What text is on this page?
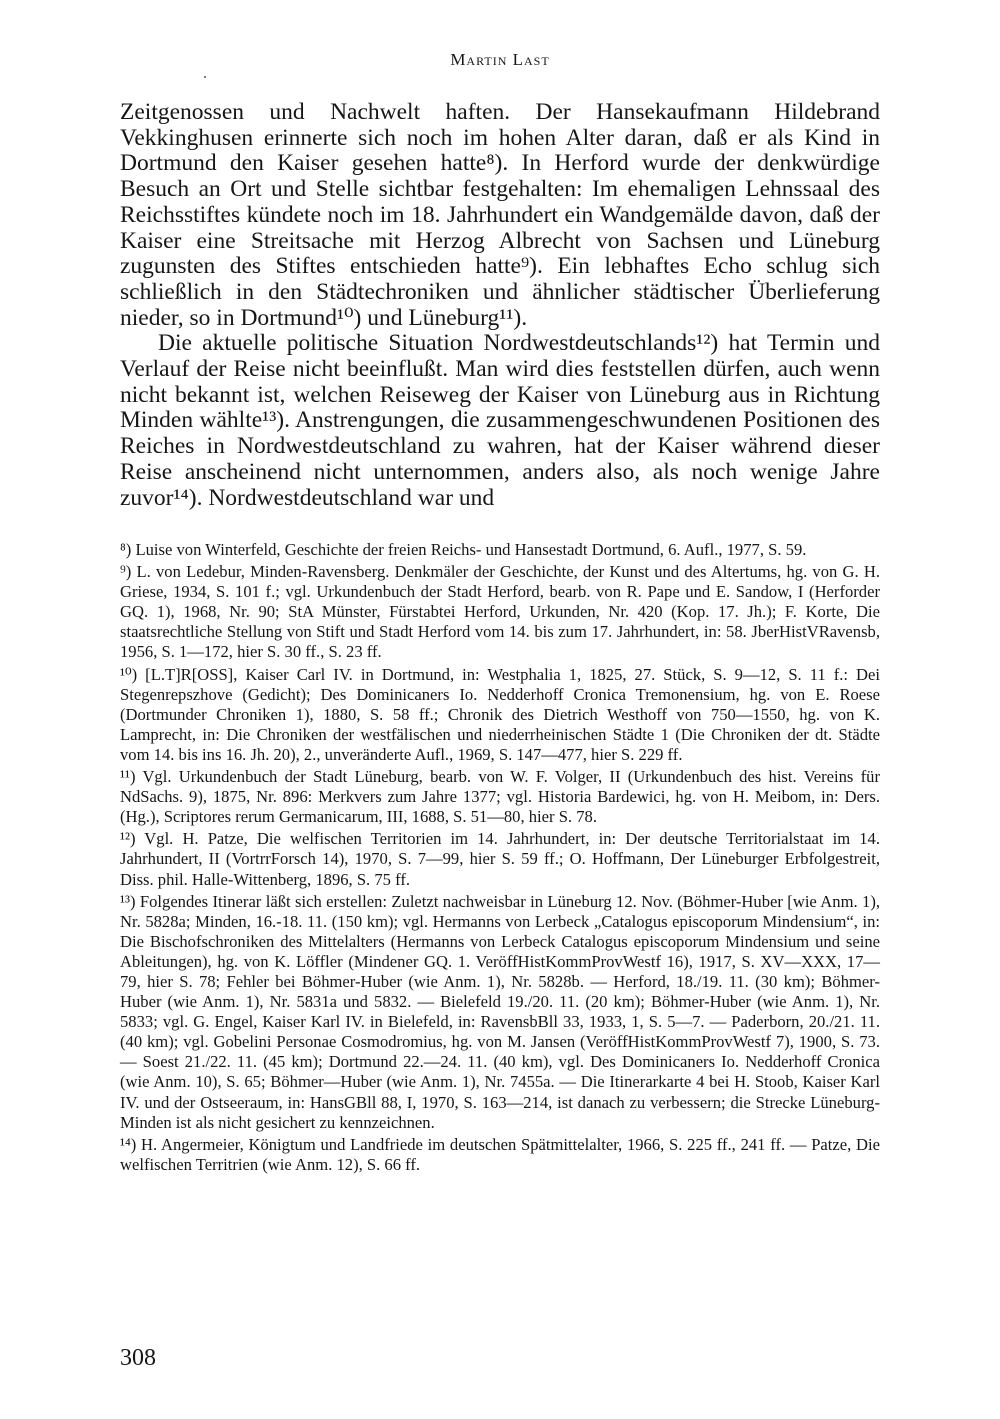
Martin Last

Zeitgenossen und Nachwelt haften. Der Hansekaufmann Hildebrand Vekkinghusen erinnerte sich noch im hohen Alter daran, daß er als Kind in Dortmund den Kaiser gesehen hatte⁸). In Herford wurde der denkwürdige Besuch an Ort und Stelle sichtbar festgehalten: Im ehemaligen Lehnssaal des Reichsstiftes kündete noch im 18. Jahrhundert ein Wandgemälde davon, daß der Kaiser eine Streitsache mit Herzog Albrecht von Sachsen und Lüneburg zugunsten des Stiftes entschieden hatte⁹). Ein lebhaftes Echo schlug sich schließlich in den Städtechroniken und ähnlicher städtischer Überlieferung nieder, so in Dortmund¹⁰) und Lüneburg¹¹).

Die aktuelle politische Situation Nordwestdeutschlands¹²) hat Termin und Verlauf der Reise nicht beeinflußt. Man wird dies feststellen dürfen, auch wenn nicht bekannt ist, welchen Reiseweg der Kaiser von Lüneburg aus in Richtung Minden wählte¹³). Anstrengungen, die zusammengeschwundenen Positionen des Reiches in Nordwestdeutschland zu wahren, hat der Kaiser während dieser Reise anscheinend nicht unternommen, anders also, als noch wenige Jahre zuvor¹⁴). Nordwestdeutschland war und

⁸) Luise von Winterfeld, Geschichte der freien Reichs- und Hansestadt Dortmund, 6. Aufl., 1977, S. 59.

⁹) L. von Ledebur, Minden-Ravensberg. Denkmäler der Geschichte, der Kunst und des Altertums, hg. von G. H. Griese, 1934, S. 101 f.; vgl. Urkundenbuch der Stadt Herford, bearb. von R. Pape und E. Sandow, I (Herforder GQ. 1), 1968, Nr. 90; StA Münster, Fürstabtei Herford, Urkunden, Nr. 420 (Kop. 17. Jh.); F. Korte, Die staatsrechtliche Stellung von Stift und Stadt Herford vom 14. bis zum 17. Jahrhundert, in: 58. JberHistVRavensb, 1956, S. 1—172, hier S. 30 ff., S. 23 ff.

¹⁰) [L.T]R[OSS], Kaiser Carl IV. in Dortmund, in: Westphalia 1, 1825, 27. Stück, S. 9—12, S. 11 f.: Dei Stegenrepszhove (Gedicht); Des Dominicaners Io. Nedderhoff Cronica Tremonensium, hg. von E. Roese (Dortmunder Chroniken 1), 1880, S. 58 ff.; Chronik des Dietrich Westhoff von 750—1550, hg. von K. Lamprecht, in: Die Chroniken der westfälischen und niederrheinischen Städte 1 (Die Chroniken der dt. Städte vom 14. bis ins 16. Jh. 20), 2., unveränderte Aufl., 1969, S. 147—477, hier S. 229 ff.

¹¹) Vgl. Urkundenbuch der Stadt Lüneburg, bearb. von W. F. Volger, II (Urkundenbuch des hist. Vereins für NdSachs. 9), 1875, Nr. 896: Merkvers zum Jahre 1377; vgl. Historia Bardewici, hg. von H. Meibom, in: Ders. (Hg.), Scriptores rerum Germanicarum, III, 1688, S. 51—80, hier S. 78.

¹²) Vgl. H. Patze, Die welfischen Territorien im 14. Jahrhundert, in: Der deutsche Territorialstaat im 14. Jahrhundert, II (VortrrForsch 14), 1970, S. 7—99, hier S. 59 ff.; O. Hoffmann, Der Lüneburger Erbfolgestreit, Diss. phil. Halle-Wittenberg, 1896, S. 75 ff.

¹³) Folgendes Itinerar läßt sich erstellen: Zuletzt nachweisbar in Lüneburg 12. Nov. (Böhmer-Huber [wie Anm. 1), Nr. 5828a; Minden, 16.-18. 11. (150 km); vgl. Hermanns von Lerbeck „Catalogus episcoporum Mindensium“, in: Die Bischofschroniken des Mittelalters (Hermanns von Lerbeck Catalogus episcoporum Mindensium und seine Ableitungen), hg. von K. Löffler (Mindener GQ. 1. VeröffHistKommProvWestf 16), 1917, S. XV—XXX, 17—79, hier S. 78; Fehler bei Böhmer-Huber (wie Anm. 1), Nr. 5828b. — Herford, 18./19. 11. (30 km); Böhmer-Huber (wie Anm. 1), Nr. 5831a und 5832. — Bielefeld 19./20. 11. (20 km); Böhmer-Huber (wie Anm. 1), Nr. 5833; vgl. G. Engel, Kaiser Karl IV. in Bielefeld, in: RavensbBll 33, 1933, 1, S. 5—7. — Paderborn, 20./21. 11. (40 km); vgl. Gobelini Personae Cosmodromius, hg. von M. Jansen (VeröffHistKommProvWestf 7), 1900, S. 73. — Soest 21./22. 11. (45 km); Dortmund 22.—24. 11. (40 km), vgl. Des Dominicaners Io. Nedderhoff Cronica (wie Anm. 10), S. 65; Böhmer—Huber (wie Anm. 1), Nr. 7455a. — Die Itinerarkarte 4 bei H. Stoob, Kaiser Karl IV. und der Ostseeraum, in: HansGBll 88, I, 1970, S. 163—214, ist danach zu verbessern; die Strecke Lüneburg-Minden ist als nicht gesichert zu kennzeichnen.

¹⁴) H. Angermeier, Königtum und Landfriede im deutschen Spätmittelalter, 1966, S. 225 ff., 241 ff. — Patze, Die welfischen Territrien (wie Anm. 12), S. 66 ff.

308
